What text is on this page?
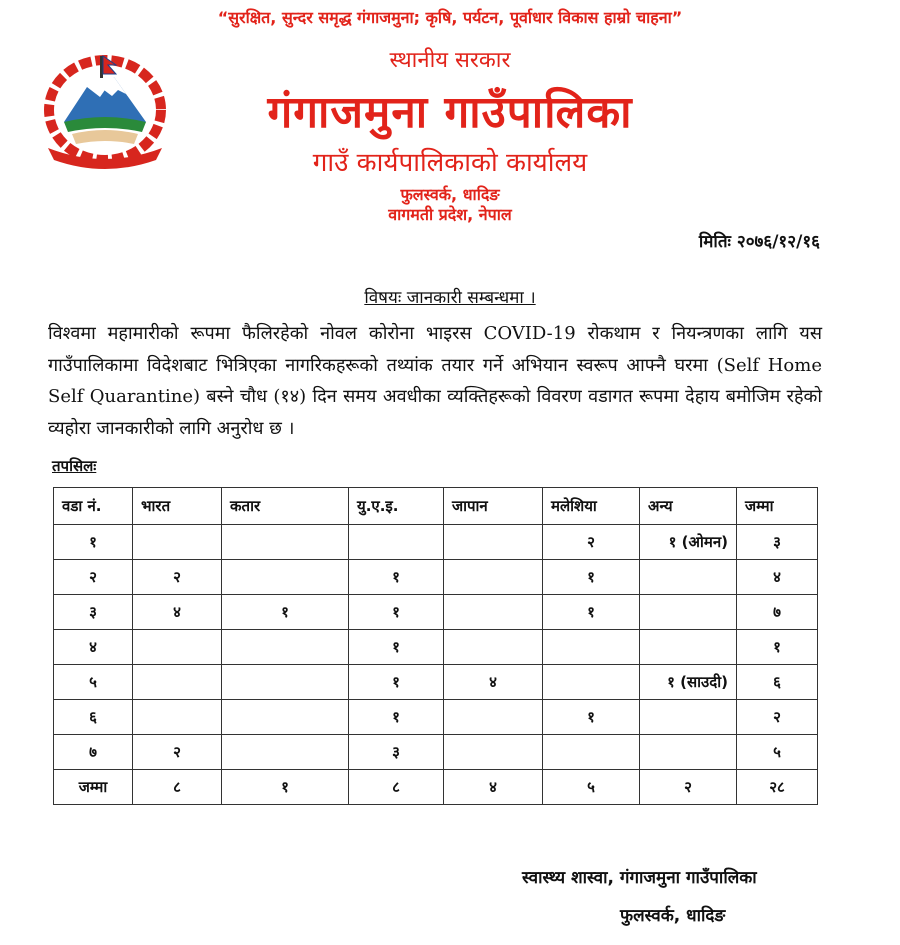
“सुरक्षित, सुन्दर समृद्ध गंगाजमुना; कृषि, पर्यटन, पूर्वाधार विकास हाम्रो चाहना”
स्थानीय सरकार
गंगाजमुना गाउँपालिका
गाउँ कार्यपालिकाको कार्यालय
फुलस्वर्क, धादिङ
वागमती प्रदेश, नेपाल
मितिः २०७६/१२/१६
विषयः जानकारी सम्बन्धमा ।
विश्वमा महामारीको रूपमा फैलिरहेको नोवल कोरोना भाइरस COVID-19 रोकथाम र नियन्त्रणका लागि यस गाउँपालिकामा विदेशबाट भित्रिएका नागरिकहरूको तथ्यांक तयार गर्ने अभियान स्वरूप आफ्नै घरमा (Self Home Self Quarantine) बस्ने चौध (१४) दिन समय अवधीका व्यक्तिहरूको विवरण वडागत रूपमा देहाय बमोजिम रहेको व्यहोरा जानकारीको लागि अनुरोध छ ।
तपसिलः
वडा नं.	भारत	कतार	यु.ए.इ.	जापान	मलेशिया	अन्य	जम्मा
१					२	१ (ओमन)	३
२	२		१		१		४
३	४	१	१		१		७
४			१				१
५			१	४		१ (साउदी)	६
६			१		१		२
७	२		३				५
जम्मा	८	१	८	४	५	२	२८
स्वास्थ्य शास्वा, गंगाजमुना गाउँपालिका
फुलस्वर्क, धादिङ
